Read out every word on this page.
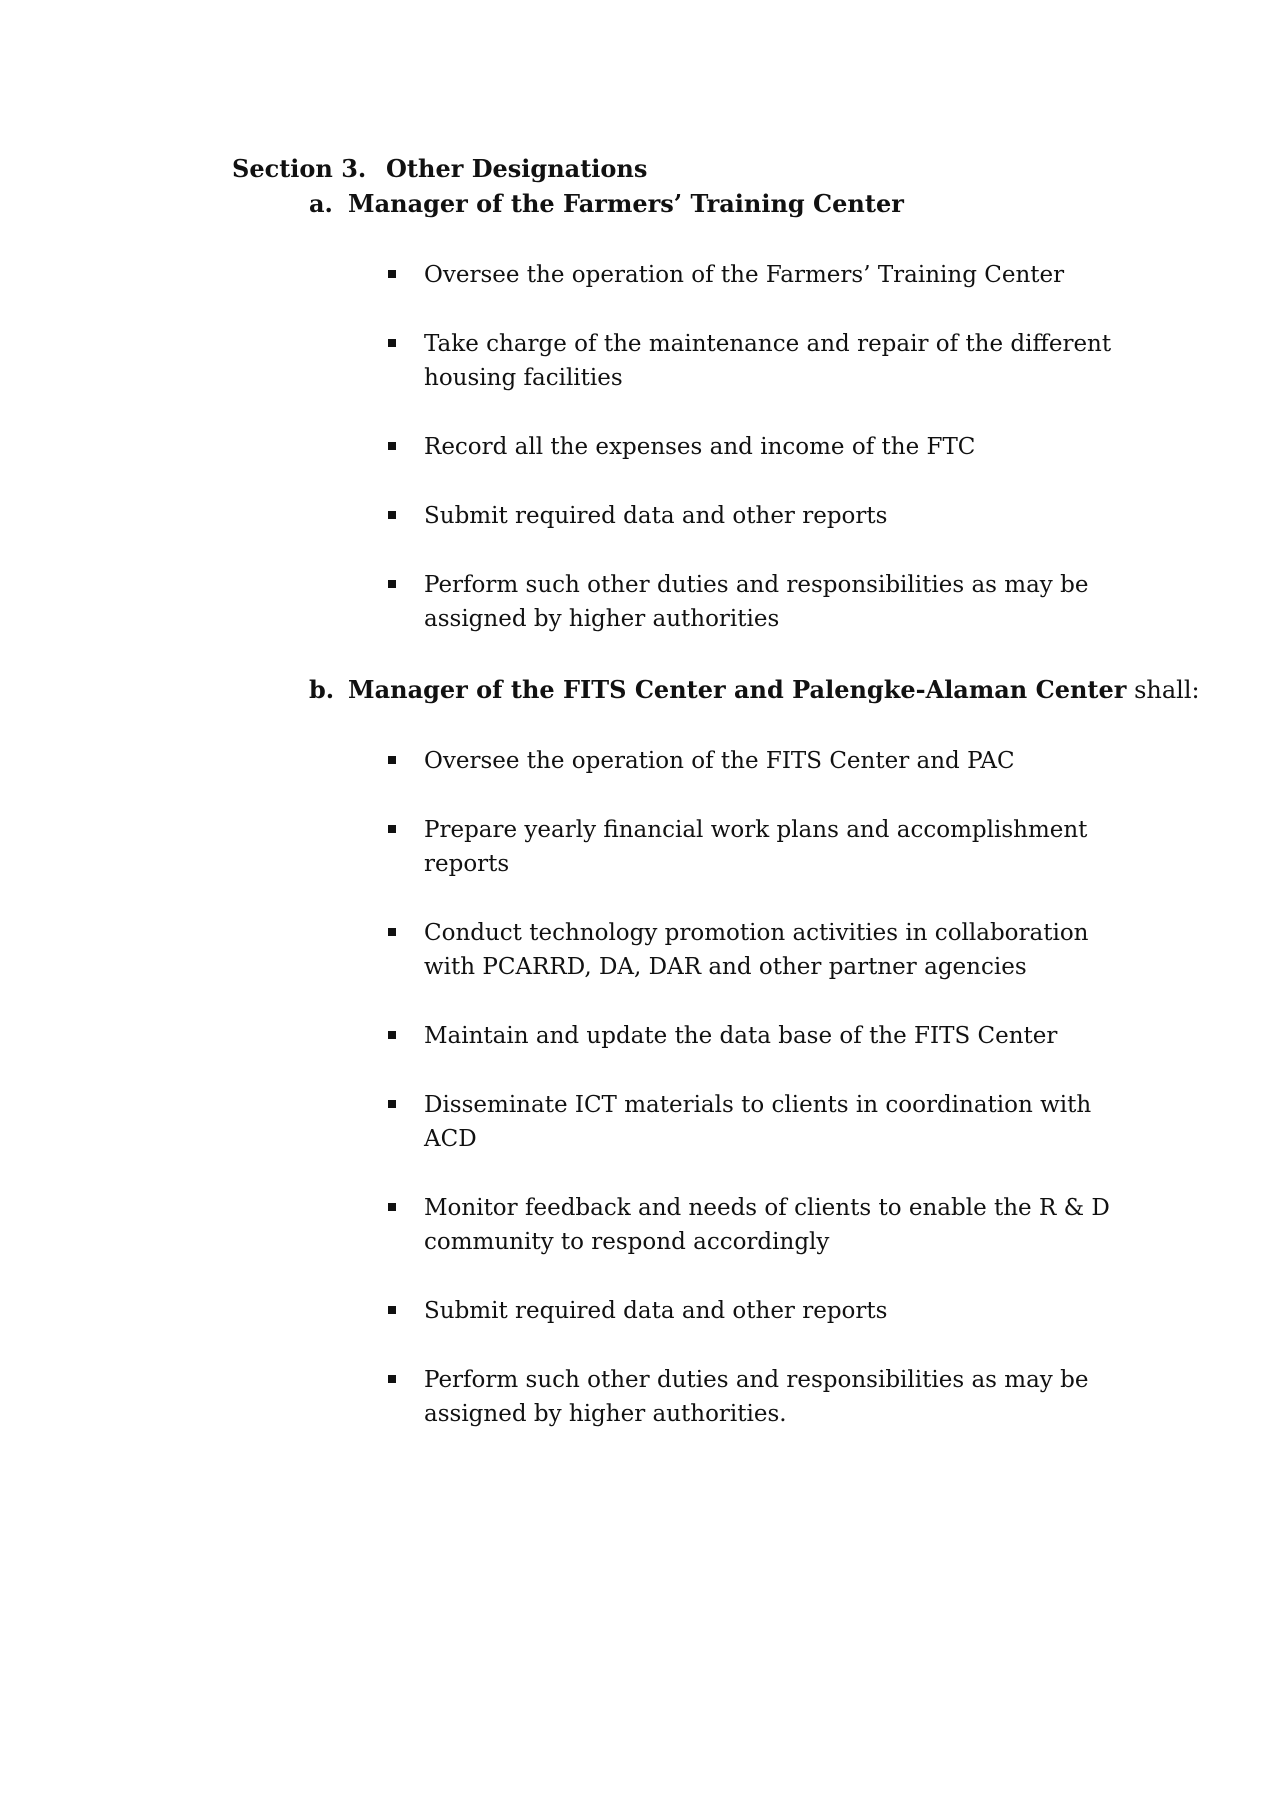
Section 3. Other Designations
a. Manager of the Farmers’ Training Center
Oversee the operation of the Farmers’ Training Center
Take charge of the maintenance and repair of the different housing facilities
Record all the expenses and income of the FTC
Submit required data and other reports
Perform such other duties and responsibilities as may be assigned by higher authorities
b. Manager of the FITS Center and Palengke-Alaman Center shall:
Oversee the operation of the FITS Center and PAC
Prepare yearly financial work plans and accomplishment reports
Conduct technology promotion activities in collaboration with PCARRD, DA, DAR and other partner agencies
Maintain and update the data base of the FITS Center
Disseminate ICT materials to clients in coordination with ACD
Monitor feedback and needs of clients to enable the R & D community to respond accordingly
Submit required data and other reports
Perform such other duties and responsibilities as may be assigned by higher authorities.
